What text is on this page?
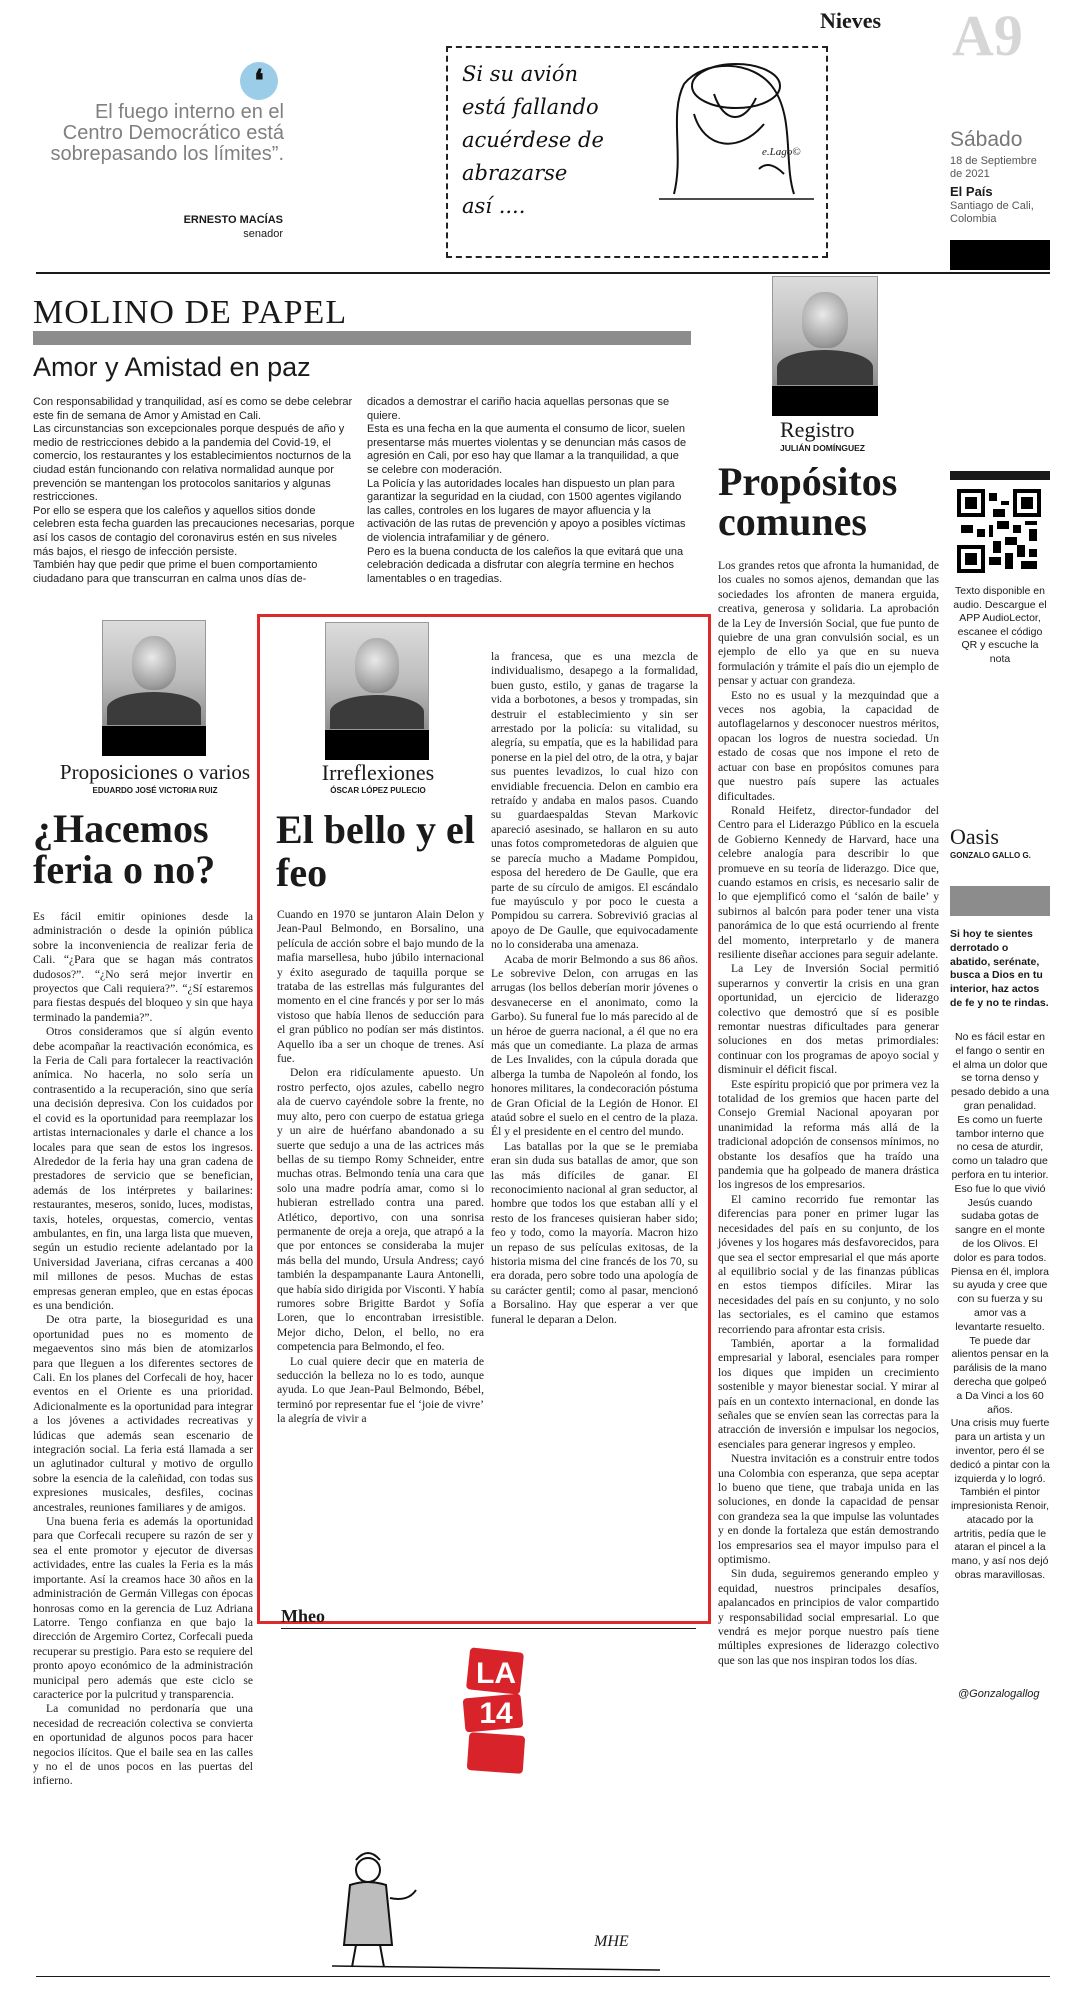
Nieves A9
❛
El fuego interno en el Centro Democrático está sobrepasando los límites”.
ERNESTO MACÍAS
senador
Si su avión
está fallando
acuérdese de
abrazarse
así ....
e.Lago©
Sábado
18 de Septiembre de 2021
El País
Santiago de Cali, Colombia
MOLINO DE PAPEL
Amor y Amistad en paz
Con responsabilidad y tranquilidad, así es como se debe celebrar este fin de semana de Amor y Amistad en Cali.
Las circunstancias son excepcionales porque después de año y medio de restricciones debido a la pandemia del Covid-19, el comercio, los restaurantes y los establecimientos nocturnos de la ciudad están funcionando con relativa normalidad aunque por prevención se mantengan los protocolos sanitarios y algunas restricciones.
Por ello se espera que los caleños y aquellos sitios donde celebren esta fecha guarden las precauciones necesarias, porque así los casos de contagio del coronavirus estén en sus niveles más bajos, el riesgo de infección persiste.
También hay que pedir que prime el buen comportamiento ciudadano para que transcurran en calma unos días de-
dicados a demostrar el cariño hacia aquellas personas que se quiere.
Esta es una fecha en la que aumenta el consumo de licor, suelen presentarse más muertes violentas y se denuncian más casos de agresión en Cali, por eso hay que llamar a la tranquilidad, a que se celebre con moderación.
La Policía y las autoridades locales han dispuesto un plan para garantizar la seguridad en la ciudad, con 1500 agentes vigilando las calles, controles en los lugares de mayor afluencia y la activación de las rutas de prevención y apoyo a posibles víctimas de violencia intrafamiliar y de género.
Pero es la buena conducta de los caleños la que evitará que una celebración dedicada a disfrutar con alegría termine en hechos lamentables o en tragedias.
Registro
JULIÁN DOMÍNGUEZ
Propósitos comunes

Los grandes retos que afronta la humanidad, de los cuales no somos ajenos, demandan que las sociedades los afronten de manera erguida, creativa, generosa y solidaria. La aprobación de la Ley de Inversión Social, que fue punto de quiebre de una gran convulsión social, es un ejemplo de ello ya que en su nueva formulación y trámite el país dio un ejemplo de pensar y actuar con grandeza.

Esto no es usual y la mezquindad que a veces nos agobia, la capacidad de autoflagelarnos y desconocer nuestros méritos, opacan los logros de nuestra sociedad. Un estado de cosas que nos impone el reto de actuar con base en propósitos comunes para que nuestro país supere las actuales dificultades.

Ronald Heifetz, director-fundador del Centro para el Liderazgo Público en la escuela de Gobierno Kennedy de Harvard, hace una celebre analogía para describir lo que promueve en su teoría de liderazgo. Dice que, cuando estamos en crisis, es necesario salir de lo que ejemplificó como el ‘salón de baile’ y subirnos al balcón para poder tener una vista panorámica de lo que está ocurriendo al frente del momento, interpretarlo y de manera resiliente diseñar acciones para seguir adelante.

La Ley de Inversión Social permitió superarnos y convertir la crisis en una gran oportunidad, un ejercicio de liderazgo colectivo que demostró que sí es posible remontar nuestras dificultades para generar soluciones en dos metas primordiales: continuar con los programas de apoyo social y disminuir el déficit fiscal.

Este espíritu propició que por primera vez la totalidad de los gremios que hacen parte del Consejo Gremial Nacional apoyaran por unanimidad la reforma más allá de la tradicional adopción de consensos mínimos, no obstante los desafíos que ha traído una pandemia que ha golpeado de manera drástica los ingresos de los empresarios.

El camino recorrido fue remontar las diferencias para poner en primer lugar las necesidades del país en su conjunto, de los jóvenes y los hogares más desfavorecidos, para que sea el sector empresarial el que más aporte al equilibrio social y de las finanzas públicas en estos tiempos difíciles. Mirar las necesidades del país en su conjunto, y no solo las sectoriales, es el camino que estamos recorriendo para afrontar esta crisis.

También, aportar a la formalidad empresarial y laboral, esenciales para romper los diques que impiden un crecimiento sostenible y mayor bienestar social. Y mirar al país en un contexto internacional, en donde las señales que se envíen sean las correctas para la atracción de inversión e impulsar los negocios, esenciales para generar ingresos y empleo.

Nuestra invitación es a construir entre todos una Colombia con esperanza, que sepa aceptar lo bueno que tiene, que trabaja unida en las soluciones, en donde la capacidad de pensar con grandeza sea la que impulse las voluntades y en donde la fortaleza que están demostrando los empresarios sea el mayor impulso para el optimismo.

Sin duda, seguiremos generando empleo y equidad, nuestros principales desafíos, apalancados en principios de valor compartido y responsabilidad social empresarial. Lo que vendrá es mejor porque nuestro país tiene múltiples expresiones de liderazgo colectivo que son las que nos inspiran todos los días.

Texto disponible en audio. Descargue el APP AudioLector, escanee el código QR y escuche la nota
Oasis
GONZALO GALLO G.
Si hoy te sientes derrotado o abatido, serénate, busca a Dios en tu interior, haz actos de fe y no te rindas.
No es fácil estar en el fango o sentir en el alma un dolor que se torna denso y pesado debido a una gran penalidad.
Es como un fuerte tambor interno que no cesa de aturdir, como un taladro que perfora en tu interior.
Eso fue lo que vivió Jesús cuando sudaba gotas de sangre en el monte de los Olivos. El dolor es para todos.
Piensa en él, implora su ayuda y cree que con su fuerza y su amor vas a levantarte resuelto.
Te puede dar alientos pensar en la parálisis de la mano derecha que golpeó a Da Vinci a los 60 años.
Una crisis muy fuerte para un artista y un inventor, pero él se dedicó a pintar con la izquierda y lo logró.
También el pintor impresionista Renoir, atacado por la artritis, pedía que le ataran el pincel a la mano, y así nos dejó obras maravillosas.
@Gonzalogallog
Proposiciones o varios
EDUARDO JOSÉ VICTORIA RUIZ
¿Hacemos feria o no?

Es fácil emitir opiniones desde la administración o desde la opinión pública sobre la inconveniencia de realizar feria de Cali. “¿Para que se hagan más contratos dudosos?”. “¿No será mejor invertir en proyectos que Cali requiera?”. “¿Sí estaremos para fiestas después del bloqueo y sin que haya terminado la pandemia?”.

Otros consideramos que sí algún evento debe acompañar la reactivación económica, es la Feria de Cali para fortalecer la reactivación anímica. No hacerla, no solo sería un contrasentido a la recuperación, sino que sería una decisión depresiva. Con los cuidados por el covid es la oportunidad para reemplazar los artistas internacionales y darle el chance a los locales para que sean de estos los ingresos. Alrededor de la feria hay una gran cadena de prestadores de servicio que se benefician, además de los intérpretes y bailarines: restaurantes, meseros, sonido, luces, modistas, taxis, hoteles, orquestas, comercio, ventas ambulantes, en fin, una larga lista que mueven, según un estudio reciente adelantado por la Universidad Javeriana, cifras cercanas a 400 mil millones de pesos. Muchas de estas empresas generan empleo, que en estas épocas es una bendición.

De otra parte, la bioseguridad es una oportunidad pues no es momento de megaeventos sino más bien de atomizarlos para que lleguen a los diferentes sectores de Cali. En los planes del Corfecali de hoy, hacer eventos en el Oriente es una prioridad. Adicionalmente es la oportunidad para integrar a los jóvenes a actividades recreativas y lúdicas que además sean escenario de integración social. La feria está llamada a ser un aglutinador cultural y motivo de orgullo sobre la esencia de la caleñidad, con todas sus expresiones musicales, desfiles, cocinas ancestrales, reuniones familiares y de amigos.

Una buena feria es además la oportunidad para que Corfecali recupere su razón de ser y sea el ente promotor y ejecutor de diversas actividades, entre las cuales la Feria es la más importante. Así la creamos hace 30 años en la administración de Germán Villegas con épocas honrosas como en la gerencia de Luz Adriana Latorre. Tengo confianza en que bajo la dirección de Argemiro Cortez, Corfecali pueda recuperar su prestigio. Para esto se requiere del pronto apoyo económico de la administración municipal pero además que este ciclo se caracterice por la pulcritud y transparencia.

La comunidad no perdonaría que una necesidad de recreación colectiva se convierta en oportunidad de algunos pocos para hacer negocios ilícitos. Que el baile sea en las calles y no el de unos pocos en las puertas del infierno.

Irreflexiones
ÓSCAR LÓPEZ PULECIO
El bello y el feo

Cuando en 1970 se juntaron Alain Delon y Jean-Paul Belmondo, en Borsalino, una película de acción sobre el bajo mundo de la mafia marsellesa, hubo júbilo internacional y éxito asegurado de taquilla porque se trataba de las estrellas más fulgurantes del momento en el cine francés y por ser lo más vistoso que había llenos de seducción para el gran público no podían ser más distintos. Aquello iba a ser un choque de trenes. Así fue.

Delon era ridículamente apuesto. Un rostro perfecto, ojos azules, cabello negro ala de cuervo cayéndole sobre la frente, no muy alto, pero con cuerpo de estatua griega y un aire de huérfano abandonado a su suerte que sedujo a una de las actrices más bellas de su tiempo Romy Schneider, entre muchas otras. Belmondo tenía una cara que solo una madre podría amar, como si lo hubieran estrellado contra una pared. Atlético, deportivo, con una sonrisa permanente de oreja a oreja, que atrapó a la que por entonces se consideraba la mujer más bella del mundo, Ursula Andress; cayó también la despampanante Laura Antonelli, que había sido dirigida por Visconti. Y había rumores sobre Brigitte Bardot y Sofía Loren, que lo encontraban irresistible. Mejor dicho, Delon, el bello, no era competencia para Belmondo, el feo.

Lo cual quiere decir que en materia de seducción la belleza no lo es todo, aunque ayuda. Lo que Jean-Paul Belmondo, Bébel, terminó por representar fue el ‘joie de vivre’ la alegría de vivir a

la francesa, que es una mezcla de individualismo, desapego a la formalidad, buen gusto, estilo, y ganas de tragarse la vida a borbotones, a besos y trompadas, sin destruir el establecimiento y sin ser arrestado por la policía: su vitalidad, su alegría, su empatía, que es la habilidad para ponerse en la piel del otro, de la otra, y bajar sus puentes levadizos, lo cual hizo con envidiable frecuencia. Delon en cambio era retraído y andaba en malos pasos. Cuando su guardaespaldas Stevan Markovic apareció asesinado, se hallaron en su auto unas fotos comprometedoras de alguien que se parecía mucho a Madame Pompidou, esposa del heredero de De Gaulle, que era parte de su círculo de amigos. El escándalo fue mayúsculo y por poco le cuesta a Pompidou su carrera. Sobrevivió gracias al apoyo de De Gaulle, que equivocadamente no lo consideraba una amenaza.

Acaba de morir Belmondo a sus 86 años. Le sobrevive Delon, con arrugas en las arrugas (los bellos deberían morir jóvenes o desvanecerse en el anonimato, como la Garbo). Su funeral fue lo más parecido al de un héroe de guerra nacional, a él que no era más que un comediante. La plaza de armas de Les Invalides, con la cúpula dorada que alberga la tumba de Napoleón al fondo, los honores militares, la condecoración póstuma de Gran Oficial de la Legión de Honor. El ataúd sobre el suelo en el centro de la plaza. Él y el presidente en el centro del mundo.

Las batallas por la que se le premiaba eran sin duda sus batallas de amor, que son las más difíciles de ganar. El reconocimiento nacional al gran seductor, al hombre que todos los que estaban allí y el resto de los franceses quisieran haber sido; feo y todo, como la mayoría. Macron hizo un repaso de sus películas exitosas, de la historia misma del cine francés de los 70, su era dorada, pero sobre todo una apología de su carácter gentil; como al pasar, mencionó a Borsalino. Hay que esperar a ver que funeral le deparan a Delon.

Mheo
LA 14
MHE
